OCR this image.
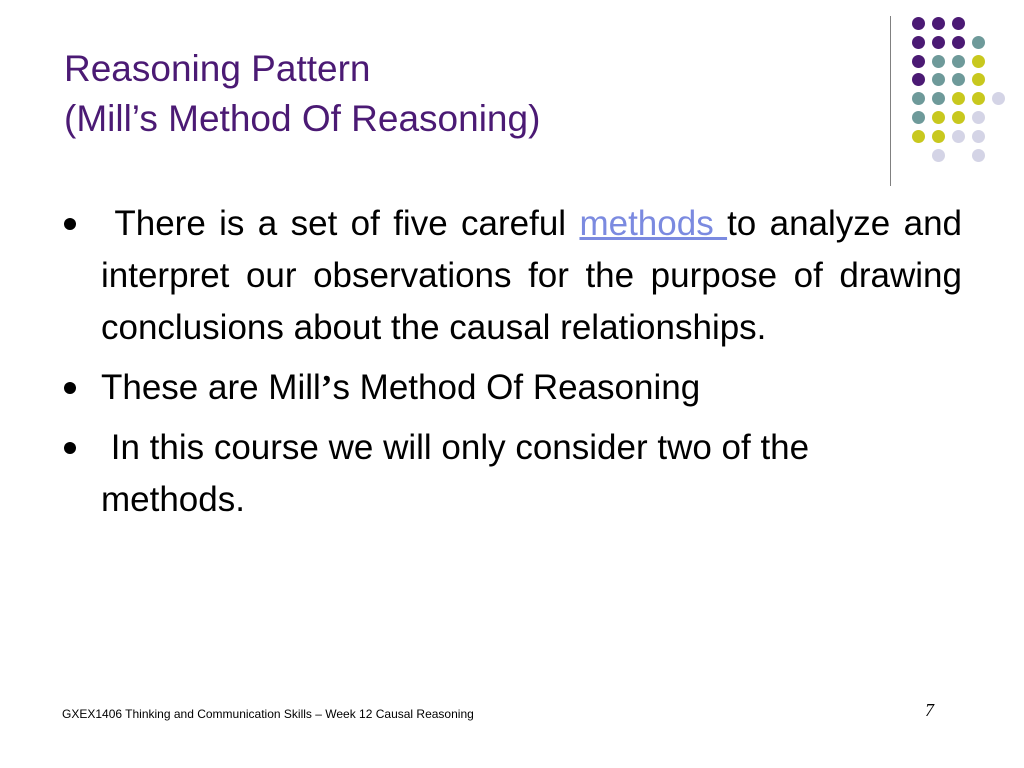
Reasoning Pattern
(Mill’s Method Of Reasoning)
There is a set of five careful methods to analyze and interpret our observations for the purpose of drawing conclusions about the causal relationships.
These are Mill’s Method Of Reasoning
In this course we will only consider two of the methods.
GXEX1406 Thinking and Communication Skills – Week 12 Causal Reasoning	7
